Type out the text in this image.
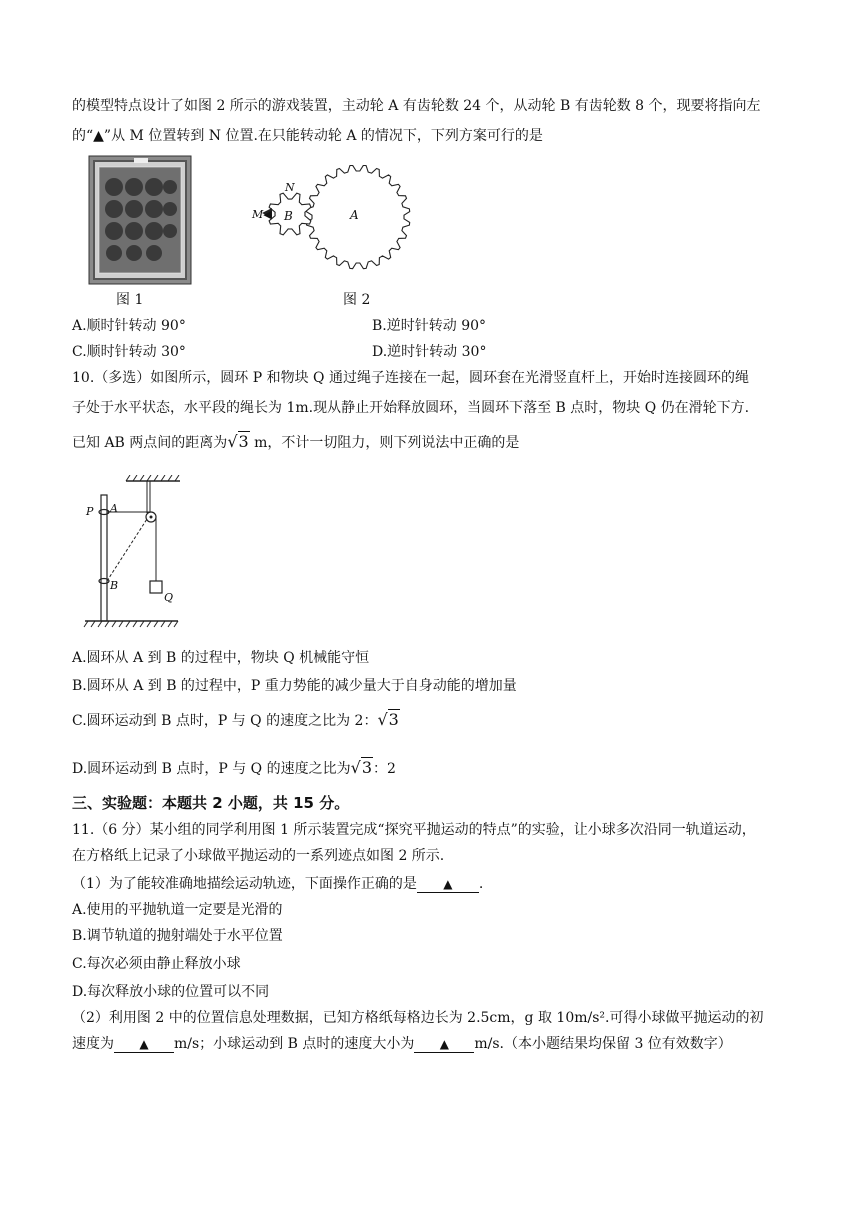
的模型特点设计了如图 2 所示的游戏装置，主动轮 A 有齿轮数 24 个，从动轮 B 有齿轮数 8 个，现要将指向左
的“▲”从 M 位置转到 N 位置.在只能转动轮 A 的情况下，下列方案可行的是
图 1
N
M◀ B	A
图 2
A.顺时针转动 90°	B.逆时针转动 90°
C.顺时针转动 30°	D.逆时针转动 30°
10.（多选）如图所示，圆环 P 和物块 Q 通过绳子连接在一起，圆环套在光滑竖直杆上，开始时连接圆环的绳
子处于水平状态，水平段的绳长为 1m.现从静止开始释放圆环，当圆环下落至 B 点时，物块 Q 仍在滑轮下方.
已知 AB 两点间的距离为√3 m，不计一切阻力，则下列说法中正确的是
P A
B
Q
A.圆环从 A 到 B 的过程中，物块 Q 机械能守恒
B.圆环从 A 到 B 的过程中，P 重力势能的减少量大于自身动能的增加量
C.圆环运动到 B 点时，P 与 Q 的速度之比为 2：√3
D.圆环运动到 B 点时，P 与 Q 的速度之比为√3：2
三、实验题：本题共 2 小题，共 15 分。
11.（6 分）某小组的同学利用图 1 所示装置完成“探究平抛运动的特点”的实验，让小球多次沿同一轨道运动，
在方格纸上记录了小球做平抛运动的一系列迹点如图 2 所示.
（1）为了能较准确地描绘运动轨迹，下面操作正确的是 ▲ .
A.使用的平抛轨道一定要是光滑的
B.调节轨道的抛射端处于水平位置
C.每次必须由静止释放小球
D.每次释放小球的位置可以不同
（2）利用图 2 中的位置信息处理数据，已知方格纸每格边长为 2.5cm，g 取 10m/s².可得小球做平抛运动的初
速度为 ▲ m/s；小球运动到 B 点时的速度大小为 ▲ m/s.（本小题结果均保留 3 位有效数字）
